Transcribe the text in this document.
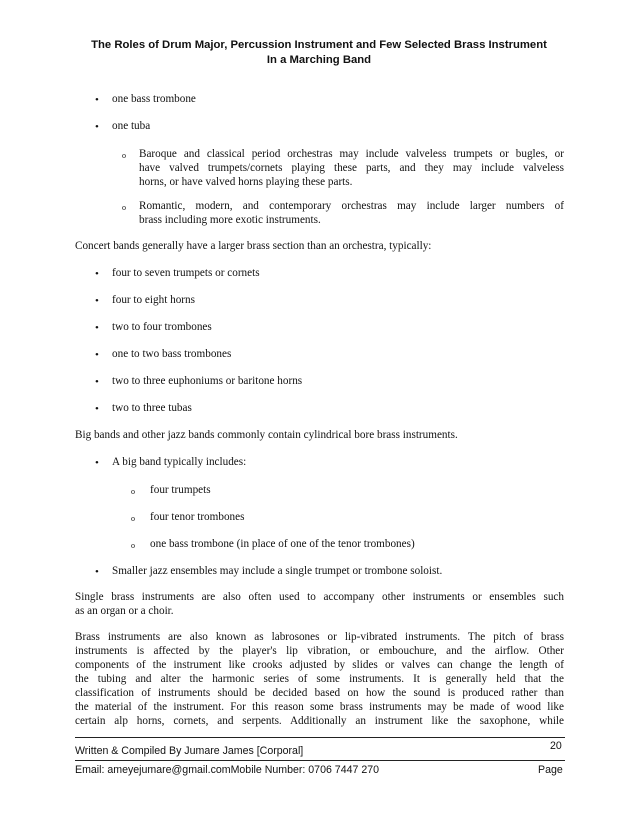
The Roles of Drum Major, Percussion Instrument and Few Selected Brass Instrument
In a Marching Band
• one bass trombone
• one tuba
o Baroque and classical period orchestras may include valveless trumpets or bugles, or
have valved trumpets/cornets playing these parts, and they may include valveless
horns, or have valved horns playing these parts.
o Romantic, modern, and contemporary orchestras may include larger numbers of
brass including more exotic instruments.
Concert bands generally have a larger brass section than an orchestra, typically:
• four to seven trumpets or cornets
• four to eight horns
• two to four trombones
• one to two bass trombones
• two to three euphoniums or baritone horns
• two to three tubas
Big bands and other jazz bands commonly contain cylindrical bore brass instruments.
• A big band typically includes:
o four trumpets
o four tenor trombones
o one bass trombone (in place of one of the tenor trombones)
• Smaller jazz ensembles may include a single trumpet or trombone soloist.
Single brass instruments are also often used to accompany other instruments or ensembles such
as an organ or a choir.
Brass instruments are also known as labrosones or lip-vibrated instruments. The pitch of brass
instruments is affected by the player's lip vibration, or embouchure, and the airflow. Other
components of the instrument like crooks adjusted by slides or valves can change the length of
the tubing and alter the harmonic series of some instruments. It is generally held that the
classification of instruments should be decided based on how the sound is produced rather than
the material of the instrument. For this reason some brass instruments may be made of wood like
certain alp horns, cornets, and serpents. Additionally an instrument like the saxophone, while
20
Written & Compiled By Jumare James [Corporal]
Email: ameyejumare@gmail.comMobile Number: 0706 7447 270	Page
